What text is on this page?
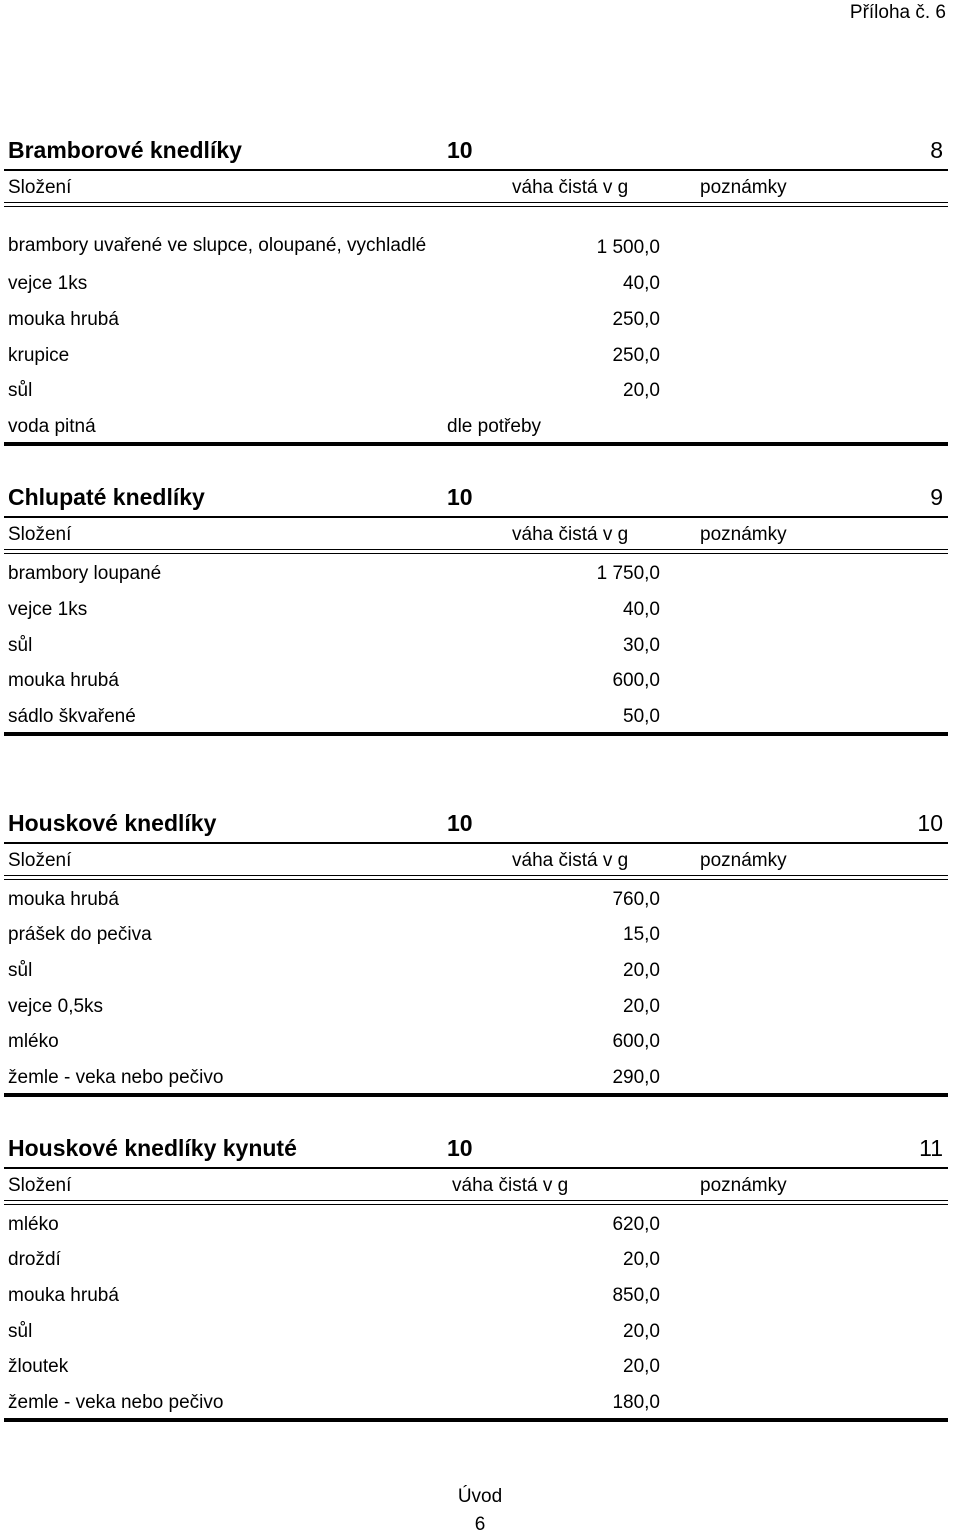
Příloha č. 6
Bramborové knedlíky	10	8
Složení	váha čistá v g	poznámky
brambory uvařené ve slupce, oloupané, vychladlé	1 500,0
vejce 1ks	40,0
mouka hrubá	250,0
krupice	250,0
sůl	20,0
voda pitná	dle potřeby
Chlupaté knedlíky	10	9
Složení	váha čistá v g	poznámky
brambory loupané	1 750,0
vejce 1ks	40,0
sůl	30,0
mouka hrubá	600,0
sádlo škvařené	50,0
Houskové knedlíky	10	10
Složení	váha čistá v g	poznámky
mouka hrubá	760,0
prášek do pečiva	15,0
sůl	20,0
vejce 0,5ks	20,0
mléko	600,0
žemle - veka nebo pečivo	290,0
Houskové knedlíky kynuté	10	11
Složení	váha čistá v g	poznámky
mléko	620,0
droždí	20,0
mouka hrubá	850,0
sůl	20,0
žloutek	20,0
žemle - veka nebo pečivo	180,0
Úvod
6
